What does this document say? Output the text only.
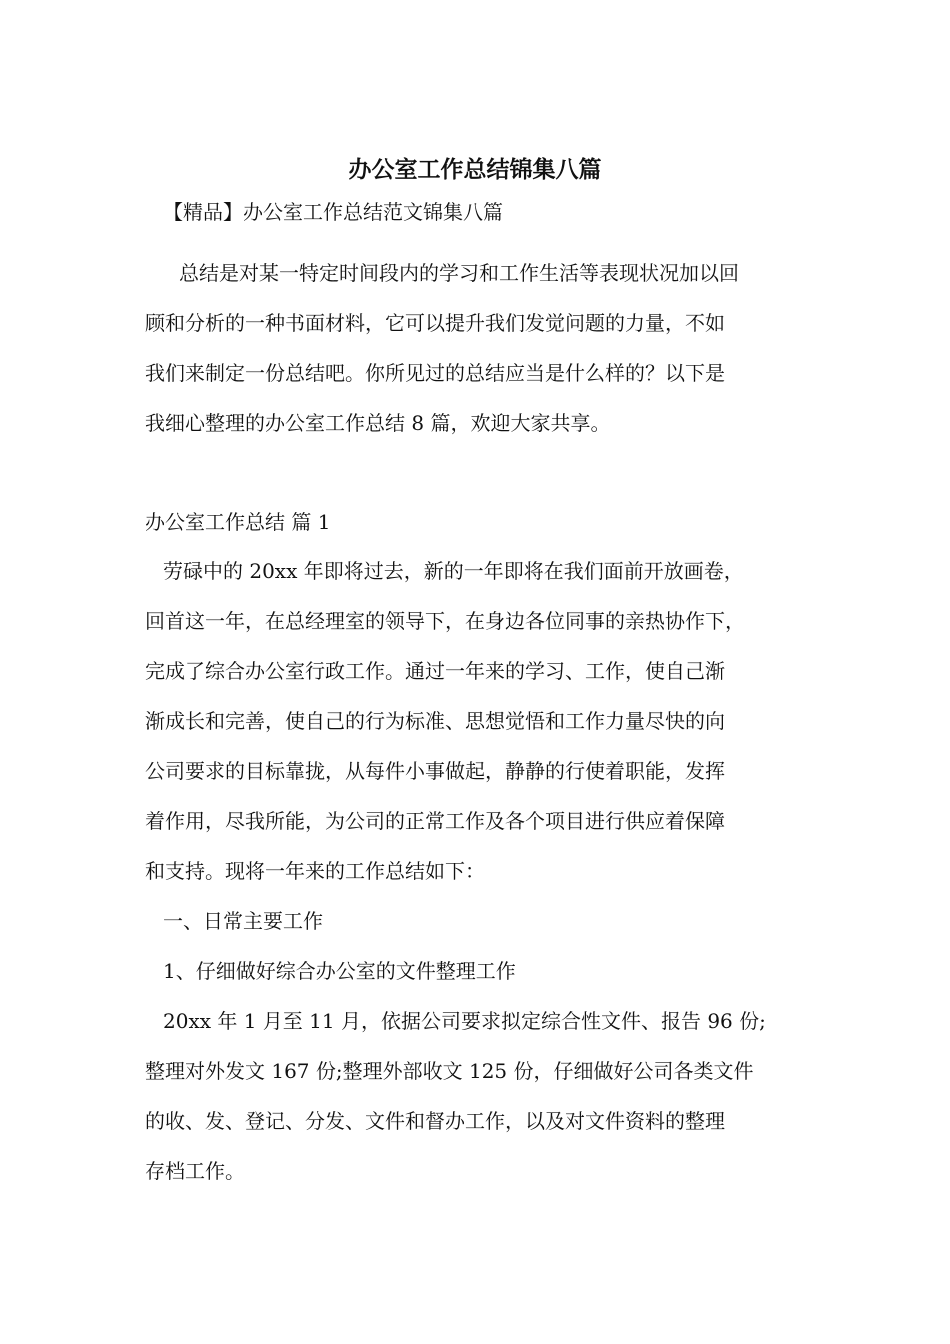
办公室工作总结锦集八篇
【精品】办公室工作总结范文锦集八篇
总结是对某一特定时间段内的学习和工作生活等表现状况加以回
顾和分析的一种书面材料，它可以提升我们发觉问题的力量，不如
我们来制定一份总结吧。你所见过的总结应当是什么样的？以下是
我细心整理的办公室工作总结 8 篇，欢迎大家共享。
办公室工作总结 篇 1
劳碌中的 20xx 年即将过去，新的一年即将在我们面前开放画卷，
回首这一年，在总经理室的领导下，在身边各位同事的亲热协作下，
完成了综合办公室行政工作。通过一年来的学习、工作，使自己渐
渐成长和完善，使自己的行为标准、思想觉悟和工作力量尽快的向
公司要求的目标靠拢，从每件小事做起，静静的行使着职能，发挥
着作用，尽我所能，为公司的正常工作及各个项目进行供应着保障
和支持。现将一年来的工作总结如下：
一、日常主要工作
1、仔细做好综合办公室的文件整理工作
20xx 年 1 月至 11 月，依据公司要求拟定综合性文件、报告 96 份;
整理对外发文 167 份;整理外部收文 125 份，仔细做好公司各类文件
的收、发、登记、分发、文件和督办工作，以及对文件资料的整理
存档工作。
